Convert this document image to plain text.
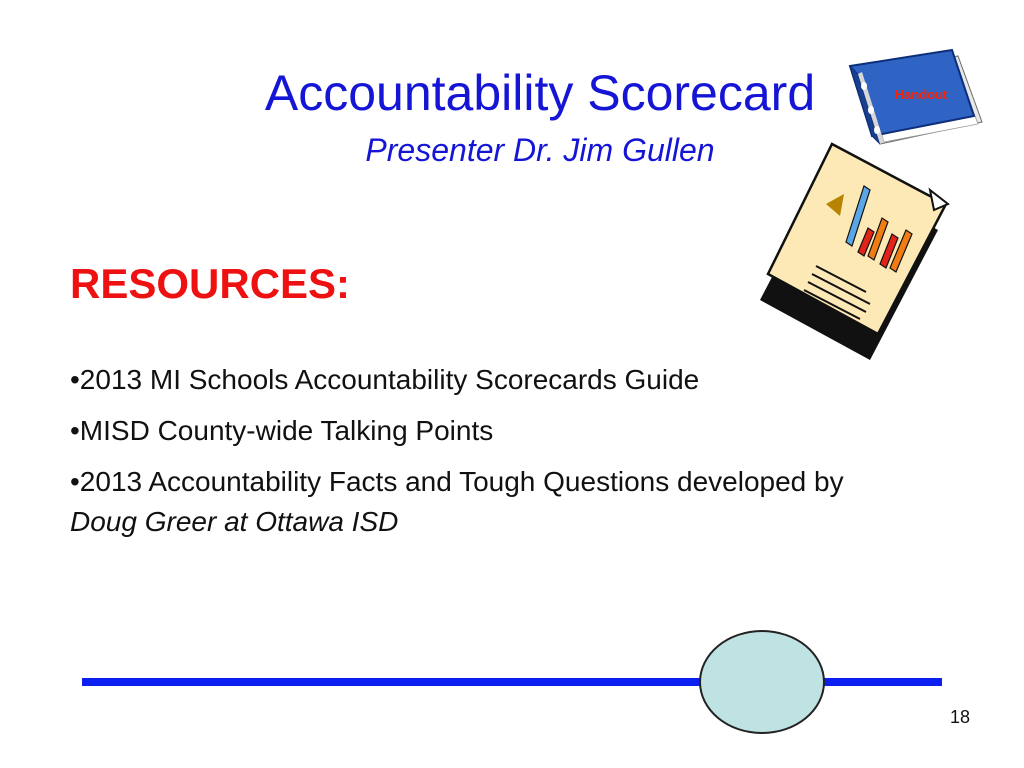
Accountability Scorecard
Presenter Dr. Jim Gullen
Handout
RESOURCES:
•2013 MI Schools Accountability Scorecards Guide
•MISD County-wide Talking Points
•2013 Accountability Facts and Tough Questions developed by Doug Greer at Ottawa ISD
18
